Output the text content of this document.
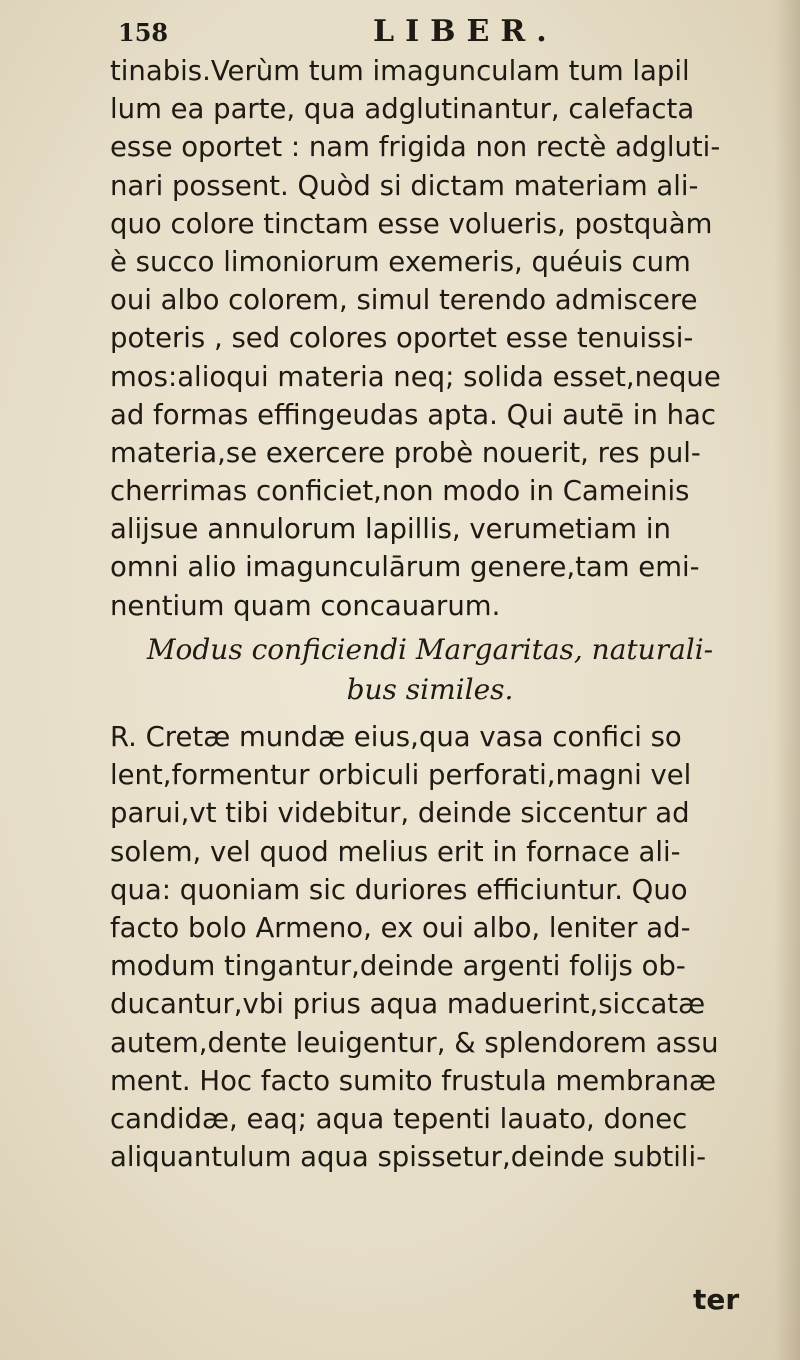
158	LIBER.
tinabis.Verùm tum imagunculam tum lapil
lum ea parte, qua adglutinantur, calefacta
esse oportet : nam frigida non rectè adgluti-
nari possent. Quòd si dictam materiam ali-
quo colore tinctam esse volueris, postquàm
è succo limoniorum exemeris, quéuis cum
oui albo colorem, simul terendo admiscere
poteris , sed colores oportet esse tenuissi-
mos:alioqui materia neq; solida esset,neque
ad formas effingeudas apta. Qui autē in hac
materia,se exercere probè nouerit, res pul-
cherrimas conficiet,non modo in Cameinis
alijsue annulorum lapillis, verumetiam in
omni alio imagunculārum genere,tam emi-
nentium quam concauarum.
Modus conficiendi Margaritas, naturali-
bus similes.
R. Cretæ mundæ eius,qua vasa confici so
lent,formentur orbiculi perforati,magni vel
parui,vt tibi videbitur, deinde siccentur ad
solem, vel quod melius erit in fornace ali-
qua: quoniam sic duriores efficiuntur. Quo
facto bolo Armeno, ex oui albo, leniter ad-
modum tingantur,deinde argenti folijs ob-
ducantur,vbi prius aqua maduerint,siccatæ
autem,dente leuigentur, & splendorem assu
ment. Hoc facto sumito frustula membranæ
candidæ, eaq; aqua tepenti lauato, donec
aliquantulum aqua spissetur,deinde subtili-
ter
